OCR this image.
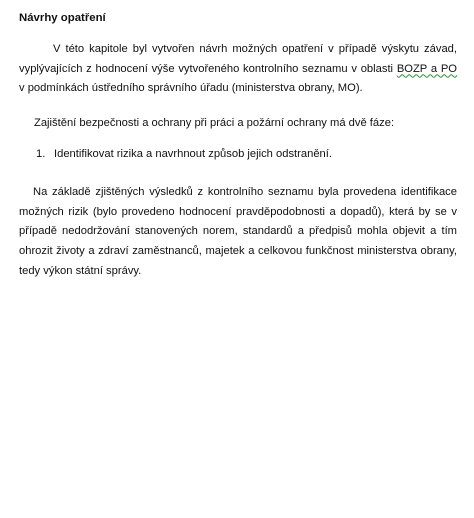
Návrhy opatření

V této kapitole byl vytvořen návrh možných opatření v případě výskytu závad, vyplývajících z hodnocení výše vytvořeného kontrolního seznamu v oblasti BOZP a PO v podmínkách ústředního správního úřadu (ministerstva obrany, MO).

Zajištění bezpečnosti a ochrany při práci a požární ochrany má dvě fáze:

1. Identifikovat rizika a navrhnout způsob jejich odstranění.

Na základě zjištěných výsledků z kontrolního seznamu byla provedena identifikace možných rizik (bylo provedeno hodnocení pravděpodobnosti a dopadů), která by se v případě nedodržování stanovených norem, standardů a předpisů mohla objevit a tím ohrozit životy a zdraví zaměstnanců, majetek a celkovou funkčnost ministerstva obrany, tedy výkon státní správy.
